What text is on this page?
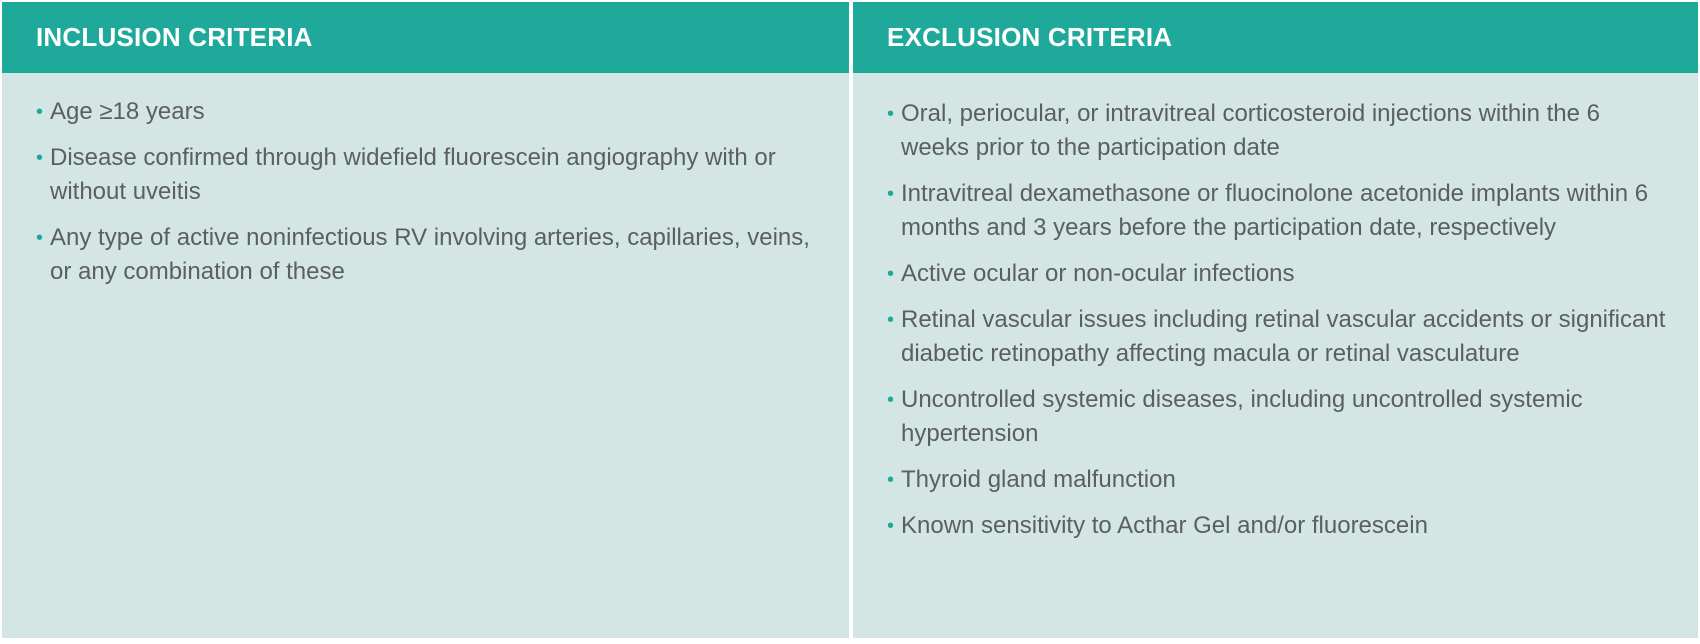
INCLUSION CRITERIA
• Age ≥18 years
• Disease confirmed through widefield fluorescein angiography with or without uveitis
• Any type of active noninfectious RV involving arteries, capillaries, veins, or any combination of these
EXCLUSION CRITERIA
• Oral, periocular, or intravitreal corticosteroid injections within the 6 weeks prior to the participation date
• Intravitreal dexamethasone or fluocinolone acetonide implants within 6 months and 3 years before the participation date, respectively
• Active ocular or non-ocular infections
• Retinal vascular issues including retinal vascular accidents or significant diabetic retinopathy affecting macula or retinal vasculature
• Uncontrolled systemic diseases, including uncontrolled systemic hypertension
• Thyroid gland malfunction
• Known sensitivity to Acthar Gel and/or fluorescein
